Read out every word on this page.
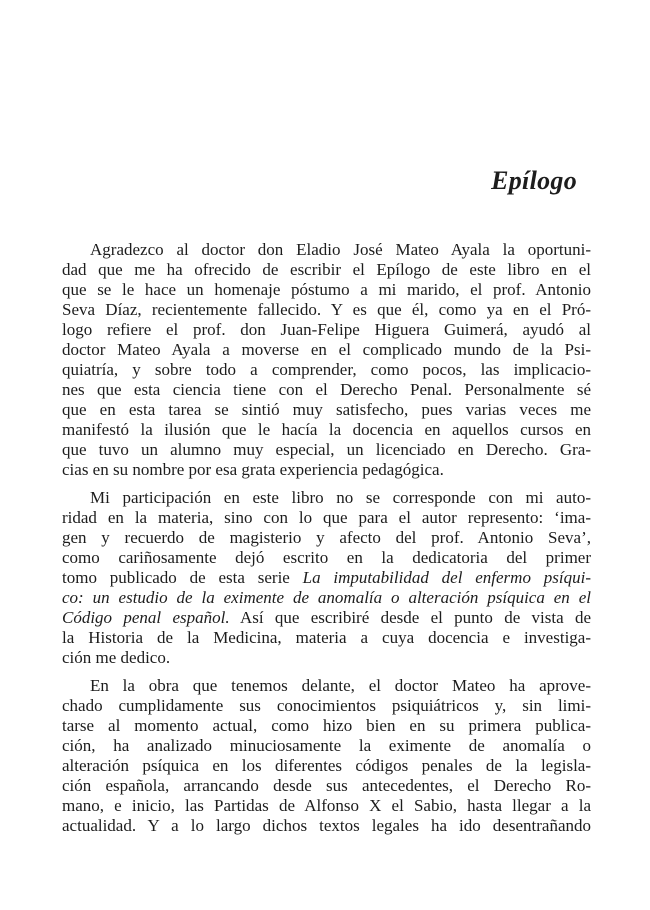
Epílogo
Agradezco al doctor don Eladio José Mateo Ayala la oportuni-
dad que me ha ofrecido de escribir el Epílogo de este libro en el
que se le hace un homenaje póstumo a mi marido, el prof. Antonio
Seva Díaz, recientemente fallecido. Y es que él, como ya en el Pró-
logo refiere el prof. don Juan-Felipe Higuera Guimerá, ayudó al
doctor Mateo Ayala a moverse en el complicado mundo de la Psi-
quiatría, y sobre todo a comprender, como pocos, las implicacio-
nes que esta ciencia tiene con el Derecho Penal. Personalmente sé
que en esta tarea se sintió muy satisfecho, pues varias veces me
manifestó la ilusión que le hacía la docencia en aquellos cursos en
que tuvo un alumno muy especial, un licenciado en Derecho. Gra-
cias en su nombre por esa grata experiencia pedagógica.
Mi participación en este libro no se corresponde con mi auto-
ridad en la materia, sino con lo que para el autor represento: ‘ima-
gen y recuerdo de magisterio y afecto del prof. Antonio Seva’,
como cariñosamente dejó escrito en la dedicatoria del primer
tomo publicado de esta serie La imputabilidad del enfermo psíqui-
co: un estudio de la eximente de anomalía o alteración psíquica en el
Código penal español. Así que escribiré desde el punto de vista de
la Historia de la Medicina, materia a cuya docencia e investiga-
ción me dedico.
En la obra que tenemos delante, el doctor Mateo ha aprove-
chado cumplidamente sus conocimientos psiquiátricos y, sin limi-
tarse al momento actual, como hizo bien en su primera publica-
ción, ha analizado minuciosamente la eximente de anomalía o
alteración psíquica en los diferentes códigos penales de la legisla-
ción española, arrancando desde sus antecedentes, el Derecho Ro-
mano, e inicio, las Partidas de Alfonso X el Sabio, hasta llegar a la
actualidad. Y a lo largo dichos textos legales ha ido desentrañando
